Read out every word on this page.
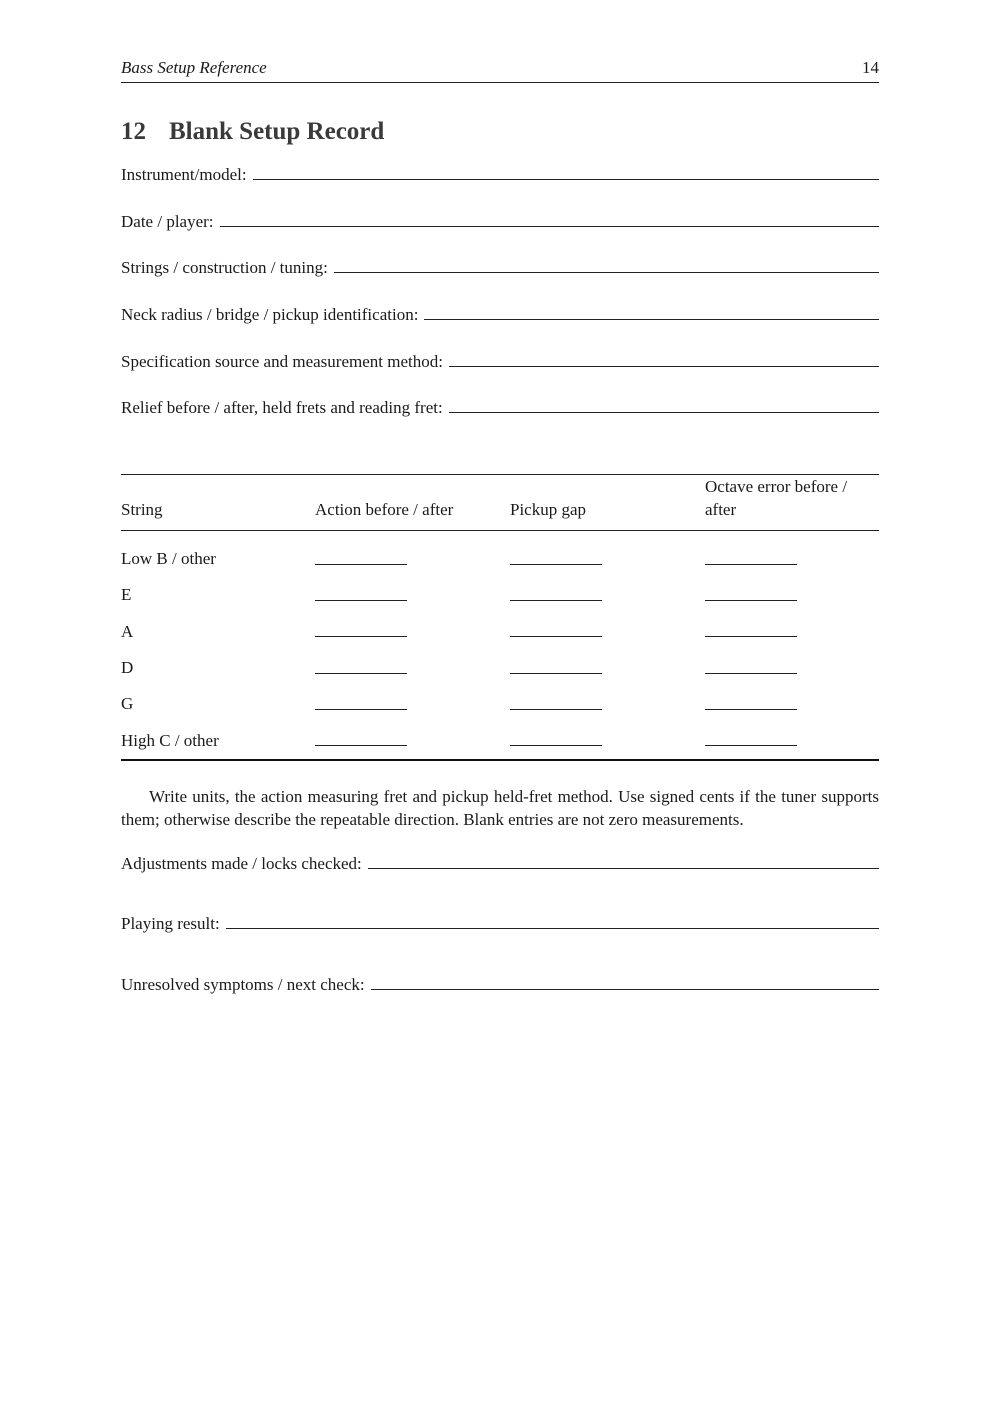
Bass Setup Reference	14
12 Blank Setup Record
Instrument/model:
Date / player:
Strings / construction / tuning:
Neck radius / bridge / pickup identification:
Specification source and measurement method:
Relief before / after, held frets and reading fret:
String	Action before / after	Pickup gap	Octave error before / after
Low B / other			
E			
A			
D			
G			
High C / other			

Write units, the action measuring fret and pickup held-fret method. Use signed cents if the tuner supports them; otherwise describe the repeatable direction. Blank entries are not zero measurements.

Adjustments made / locks checked:
Playing result:
Unresolved symptoms / next check:
